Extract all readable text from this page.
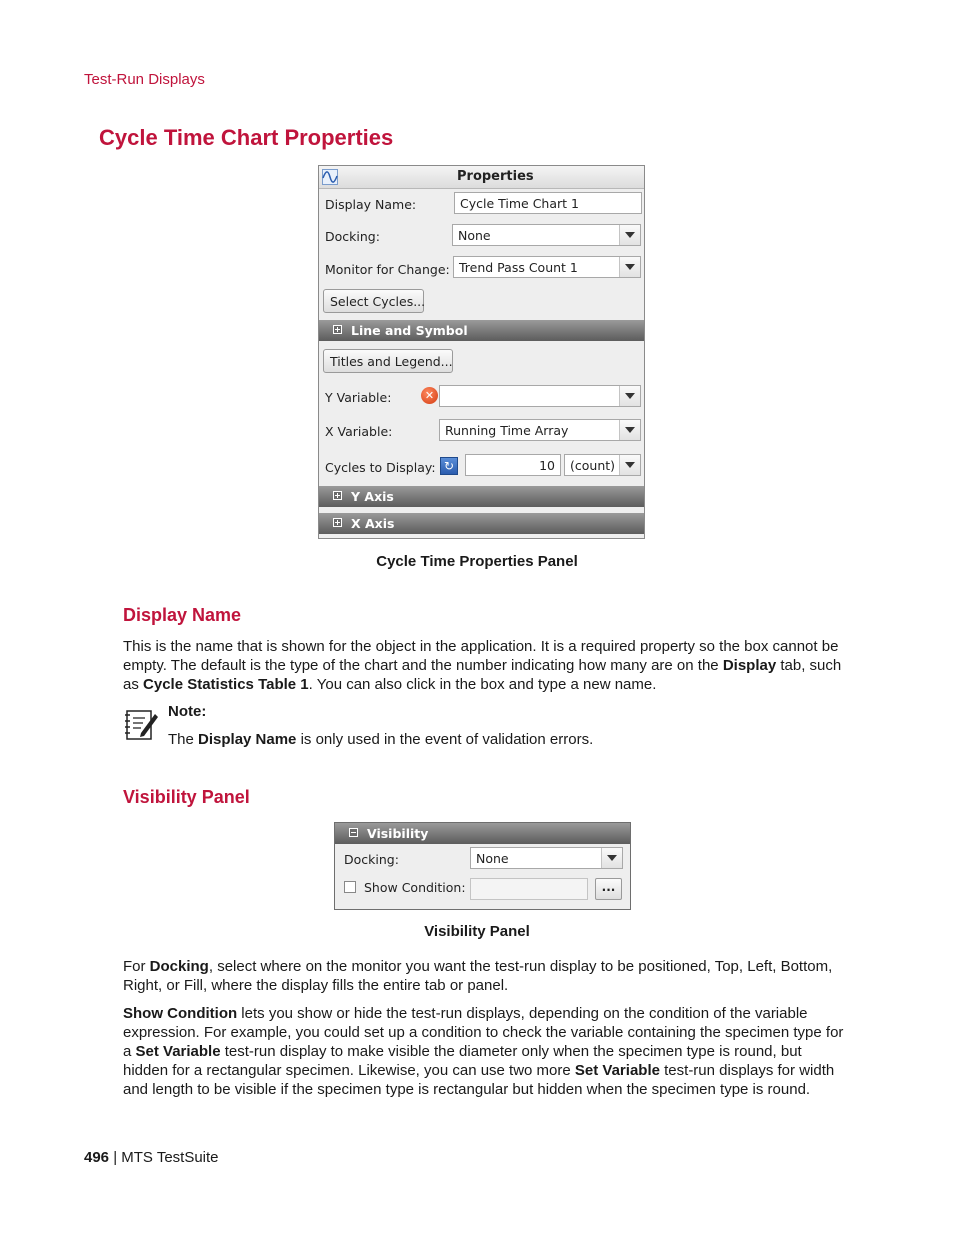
Test-Run Displays
Cycle Time Chart Properties
Properties
Display Name:	Cycle Time Chart 1
Docking:	None
Monitor for Change: Trend Pass Count 1
Select Cycles...
Line and Symbol
Titles and Legend...
Y Variable:	✕
X Variable:	Running Time Array
Cycles to Display: ↻	10	(count)
Y Axis
X Axis
Cycle Time Properties Panel
Display Name
This is the name that is shown for the object in the application. It is a required property so the box cannot be empty. The default is the type of the chart and the number indicating how many are on the Display tab, such as Cycle Statistics Table 1. You can also click in the box and type a new name.
Note:
The Display Name is only used in the event of validation errors.
Visibility Panel
Visibility
Docking:	None
Show Condition:	...
Visibility Panel
For Docking, select where on the monitor you want the test-run display to be positioned, Top, Left, Bottom, Right, or Fill, where the display fills the entire tab or panel.
Show Condition lets you show or hide the test-run displays, depending on the condition of the variable expression. For example, you could set up a condition to check the variable containing the specimen type for a Set Variable test-run display to make visible the diameter only when the specimen type is round, but hidden for a rectangular specimen. Likewise, you can use two more Set Variable test-run displays for width and length to be visible if the specimen type is rectangular but hidden when the specimen type is round.
496 | MTS TestSuite
